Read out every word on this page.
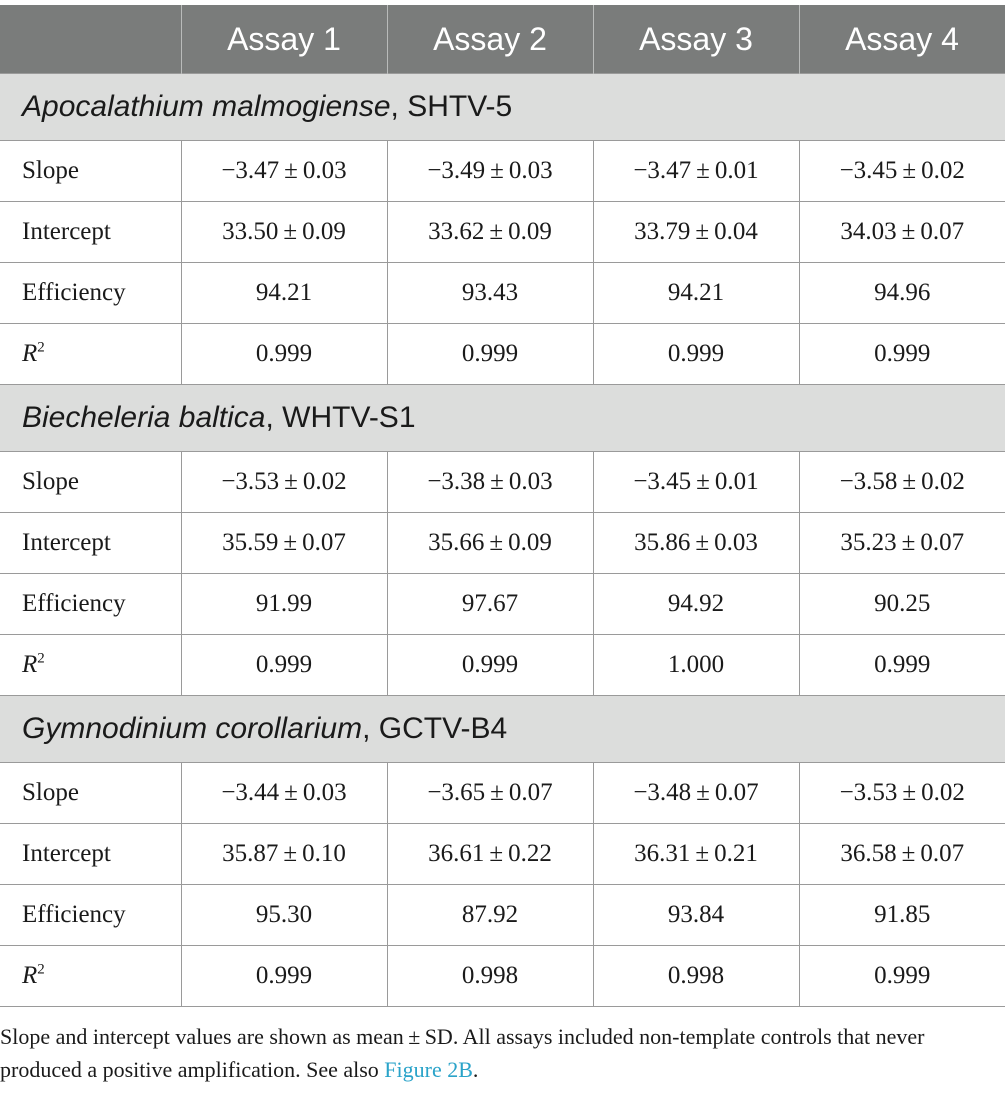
	Assay 1	Assay 2	Assay 3	Assay 4
Apocalathium malmogiense, SHTV-5				
Slope	−3.47 ± 0.03	−3.49 ± 0.03	−3.47 ± 0.01	−3.45 ± 0.02
Intercept	33.50 ± 0.09	33.62 ± 0.09	33.79 ± 0.04	34.03 ± 0.07
Efficiency	94.21	93.43	94.21	94.96
$R^2$	0.999	0.999	0.999	0.999
Biecheleria baltica, WHTV-S1				
Slope	−3.53 ± 0.02	−3.38 ± 0.03	−3.45 ± 0.01	−3.58 ± 0.02
Intercept	35.59 ± 0.07	35.66 ± 0.09	35.86 ± 0.03	35.23 ± 0.07
Efficiency	91.99	97.67	94.92	90.25
$R^2$	0.999	0.999	1.000	0.999
Gymnodinium corollarium, GCTV-B4				
Slope	−3.44 ± 0.03	−3.65 ± 0.07	−3.48 ± 0.07	−3.53 ± 0.02
Intercept	35.87 ± 0.10	36.61 ± 0.22	36.31 ± 0.21	36.58 ± 0.07
Efficiency	95.30	87.92	93.84	91.85
$R^2$	0.999	0.998	0.998	0.999
Slope and intercept values are shown as mean ± SD. All assays included non-template controls that never produced a positive amplification. See also Figure 2B.
